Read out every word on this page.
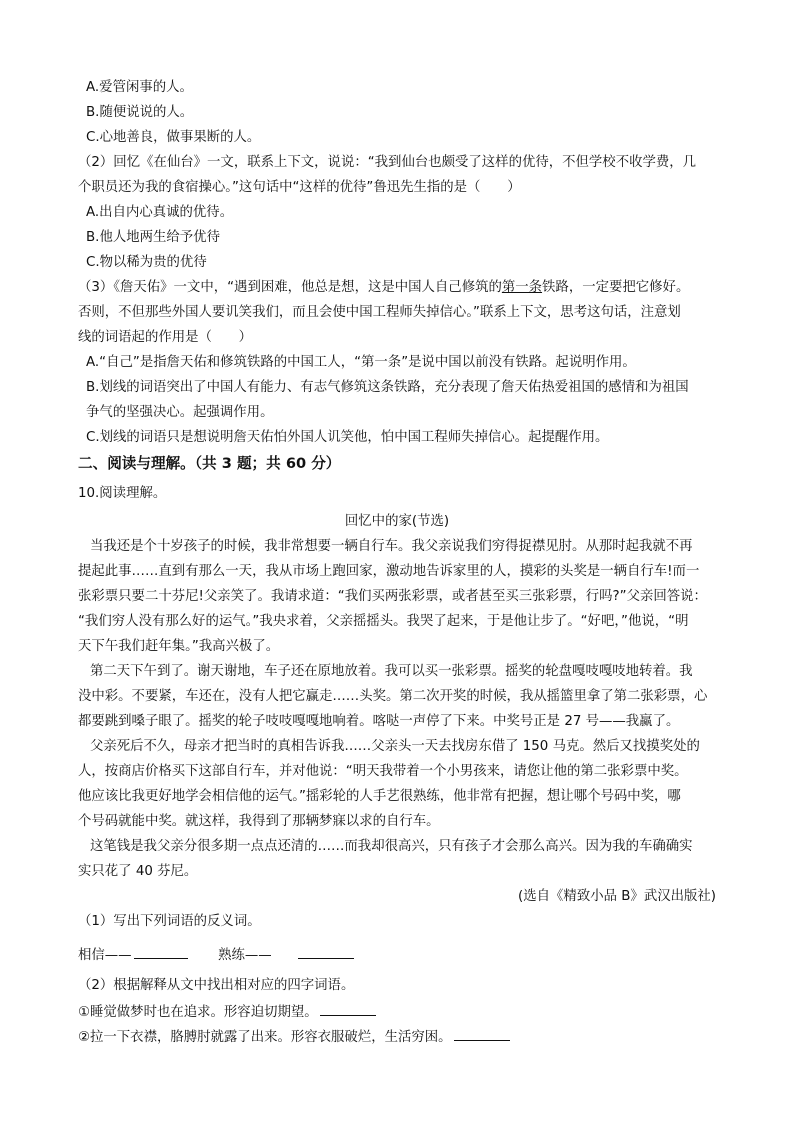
A.爱管闲事的人。
B.随便说说的人。
C.心地善良，做事果断的人。
（2）回忆《在仙台》一文，联系上下文，说说：“我到仙台也颇受了这样的优待，不但学校不收学费，几
个职员还为我的食宿操心。”这句话中“这样的优待”鲁迅先生指的是（　　）
A.出自内心真诚的优待。
B.他人地两生给予优待
C.物以稀为贵的优待
（3）《詹天佑》一文中，“遇到困难，他总是想，这是中国人自己修筑的第一条铁路，一定要把它修好。
否则，不但那些外国人要讥笑我们，而且会使中国工程师失掉信心。”联系上下文，思考这句话，注意划
线的词语起的作用是（　　）
A.“自己”是指詹天佑和修筑铁路的中国工人，“第一条”是说中国以前没有铁路。起说明作用。
B.划线的词语突出了中国人有能力、有志气修筑这条铁路，充分表现了詹天佑热爱祖国的感情和为祖国
争气的坚强决心。起强调作用。
C.划线的词语只是想说明詹天佑怕外国人讥笑他，怕中国工程师失掉信心。起提醒作用。
二、阅读与理解。（共 3 题；共 60 分）
10.阅读理解。
回忆中的家(节选)
当我还是个十岁孩子的时候，我非常想要一辆自行车。我父亲说我们穷得捉襟见肘。从那时起我就不再
提起此事……直到有那么一天，我从市场上跑回家，激动地告诉家里的人，摸彩的头奖是一辆自行车!而一
张彩票只要二十芬尼!父亲笑了。我请求道：“我们买两张彩票，或者甚至买三张彩票，行吗?”父亲回答说：
“我们穷人没有那么好的运气。”我央求着，父亲摇摇头。我哭了起来，于是他让步了。“好吧，”他说，“明
天下午我们赶年集。”我高兴极了。
第二天下午到了。谢天谢地，车子还在原地放着。我可以买一张彩票。摇奖的轮盘嘎吱嘎吱地转着。我
没中彩。不要紧，车还在，没有人把它赢走……头奖。第二次开奖的时候，我从摇篮里拿了第二张彩票，心
都要跳到嗓子眼了。摇奖的轮子吱吱嘎嘎地响着。喀哒一声停了下来。中奖号正是 27 号——我赢了。
父亲死后不久，母亲才把当时的真相告诉我……父亲头一天去找房东借了 150 马克。然后又找摸奖处的
人，按商店价格买下这部自行车，并对他说：“明天我带着一个小男孩来，请您让他的第二张彩票中奖。
他应该比我更好地学会相信他的运气。”摇彩轮的人手艺很熟练，他非常有把握，想让哪个号码中奖，哪
个号码就能中奖。就这样，我得到了那辆梦寐以求的自行车。
这笔钱是我父亲分很多期一点点还清的……而我却很高兴，只有孩子才会那么高兴。因为我的车确确实
实只花了 40 芬尼。
(选自《精致小品 B》武汉出版社)
（1）写出下列词语的反义词。
相信——	熟练——
（2）根据解释从文中找出相对应的四字词语。
①睡觉做梦时也在追求。形容迫切期望。
②拉一下衣襟，胳膊肘就露了出来。形容衣服破烂，生活穷困。
